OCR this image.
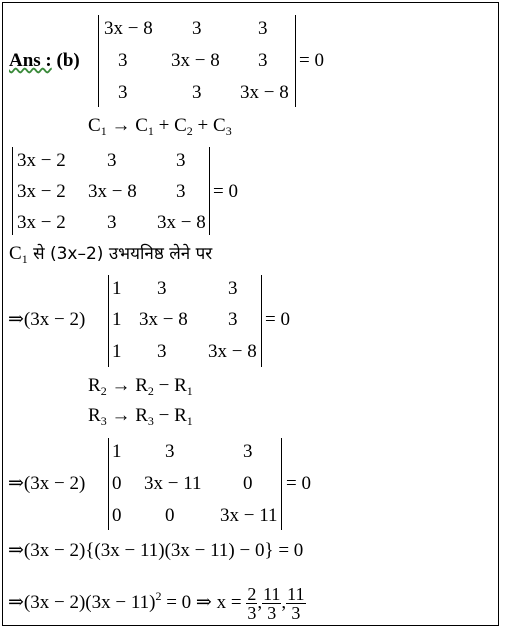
Ans : (b)
3x − 8 3	3
3 3x − 8 3
3	3 3x − 8
= 0
$C_1 \to C_1 + C_2 + C_3$
3x − 2 3	3
3x − 2 3x − 8 3
3x − 2 3 3x − 8
= 0
$C_1$ से (3x–2) उभयनिष्ठ लेने पर
⇒(3x − 2)
1 3	3
1 3x − 8 3
1 3 3x − 8
= 0
$R_2 \to R_2 - R_1$
$R_3 \to R_3 - R_1$
⇒(3x − 2)
1 3	3
0 3x − 11 0
0 0 3x − 11
= 0
⇒(3x − 2){(3x − 11)(3x − 11) − 0} = 0
⇒(3x − $2)(3x - 11)^2 = 0$ ⇒ $x = \frac{2}{3}$ , $\frac{11}{3}$ , $\frac{11}{3}$
